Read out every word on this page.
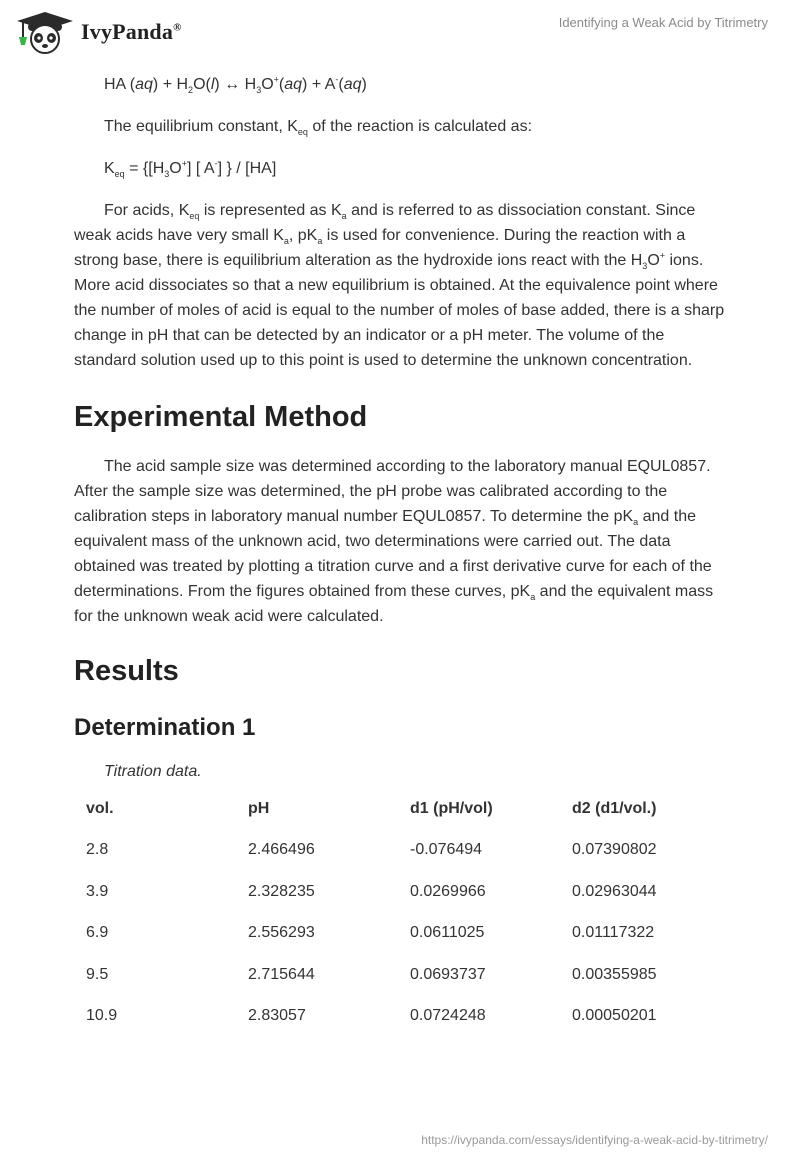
IvyPanda®	Identifying a Weak Acid by Titrimetry

HA $(aq) + H_2O(l)$ ↔ $H_3O^+(aq) + A^-(aq)$

The equilibrium constant, $K_{eq}$ of the reaction is calculated as:

$K_{eq} = \{[H_3O^+]$ [ A-] } / [HA]

For acids, $K_{eq}$ is represented as $K_a$ and is referred to as dissociation constant. Since weak acids have very small $K_a$, $pK_a$ is used for convenience. During the reaction with a strong base, there is equilibrium alteration as the hydroxide ions react with the $H_3O^+$ ions. More acid dissociates so that a new equilibrium is obtained. At the equivalence point where the number of moles of acid is equal to the number of moles of base added, there is a sharp change in pH that can be detected by an indicator or a pH meter. The volume of the standard solution used up to this point is used to determine the unknown concentration.

Experimental Method

The acid sample size was determined according to the laboratory manual EQUL0857. After the sample size was determined, the pH probe was calibrated according to the calibration steps in laboratory manual number EQUL0857. To determine the $pK_a$ and the equivalent mass of the unknown acid, two determinations were carried out. The data obtained was treated by plotting a titration curve and a first derivative curve for each of the determinations. From the figures obtained from these curves, $pK_a$ and the equivalent mass for the unknown weak acid were calculated.

Results
Determination 1

Titration data.

vol.	pH	d1 (pH/vol)	d2 (d1/vol.)
2.8	2.466496	-0.076494	0.07390802
3.9	2.328235	0.0269966	0.02963044
6.9	2.556293	0.0611025	0.01117322
9.5	2.715644	0.0693737	0.00355985
10.9	2.83057	0.0724248	0.00050201
https://ivypanda.com/essays/identifying-a-weak-acid-by-titrimetry/
